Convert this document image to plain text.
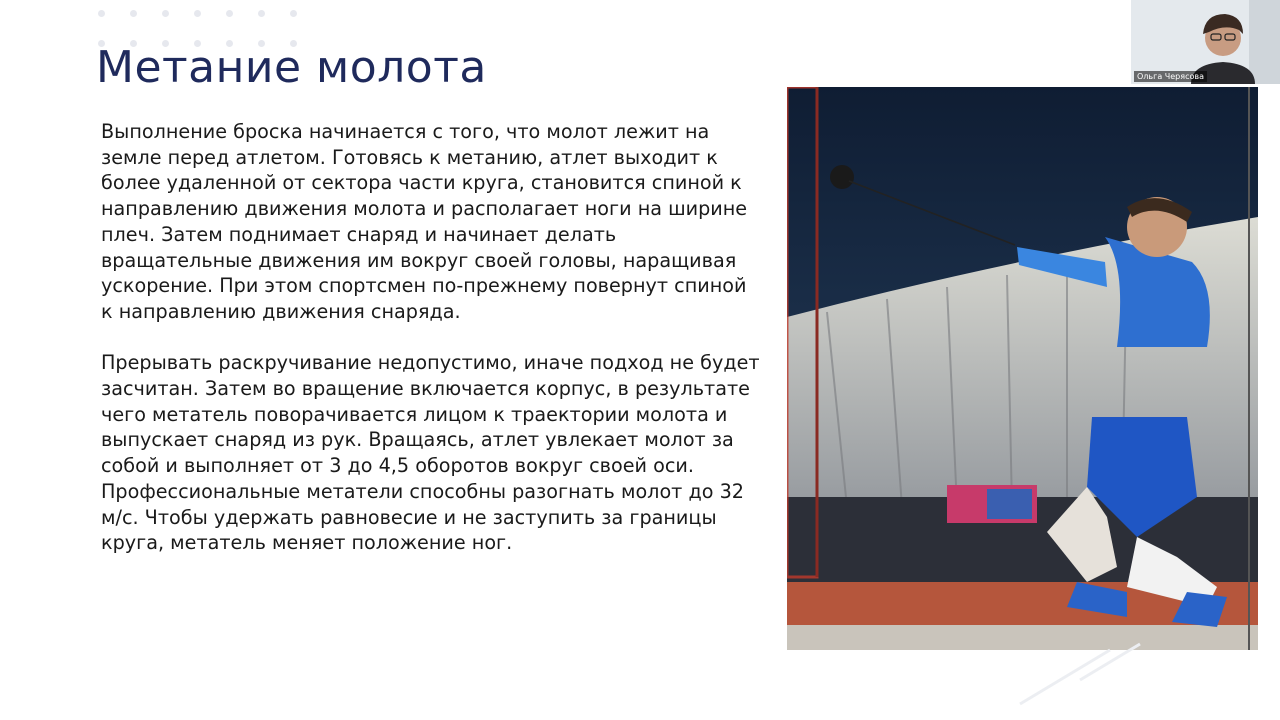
Метание молота

Выполнение броска начинается с того, что молот лежит на земле перед атлетом. Готовясь к метанию, атлет выходит к более удаленной от сектора части круга, становится спиной к направлению движения молота и располагает ноги на ширине плеч. Затем поднимает снаряд и начинает делать вращательные движения им вокруг своей головы, наращивая ускорение. При этом спортсмен по-прежнему повернут спиной к направлению движения снаряда.

Прерывать раскручивание недопустимо, иначе подход не будет засчитан. Затем во вращение включается корпус, в результате чего метатель поворачивается лицом к траектории молота и выпускает снаряд из рук. Вращаясь, атлет увлекает молот за собой и выполняет от 3 до 4,5 оборотов вокруг своей оси. Профессиональные метатели способны разогнать молот до 32 м/с. Чтобы удержать равновесие и не заступить за границы круга, метатель меняет положение ног.

Ольга Черясова
